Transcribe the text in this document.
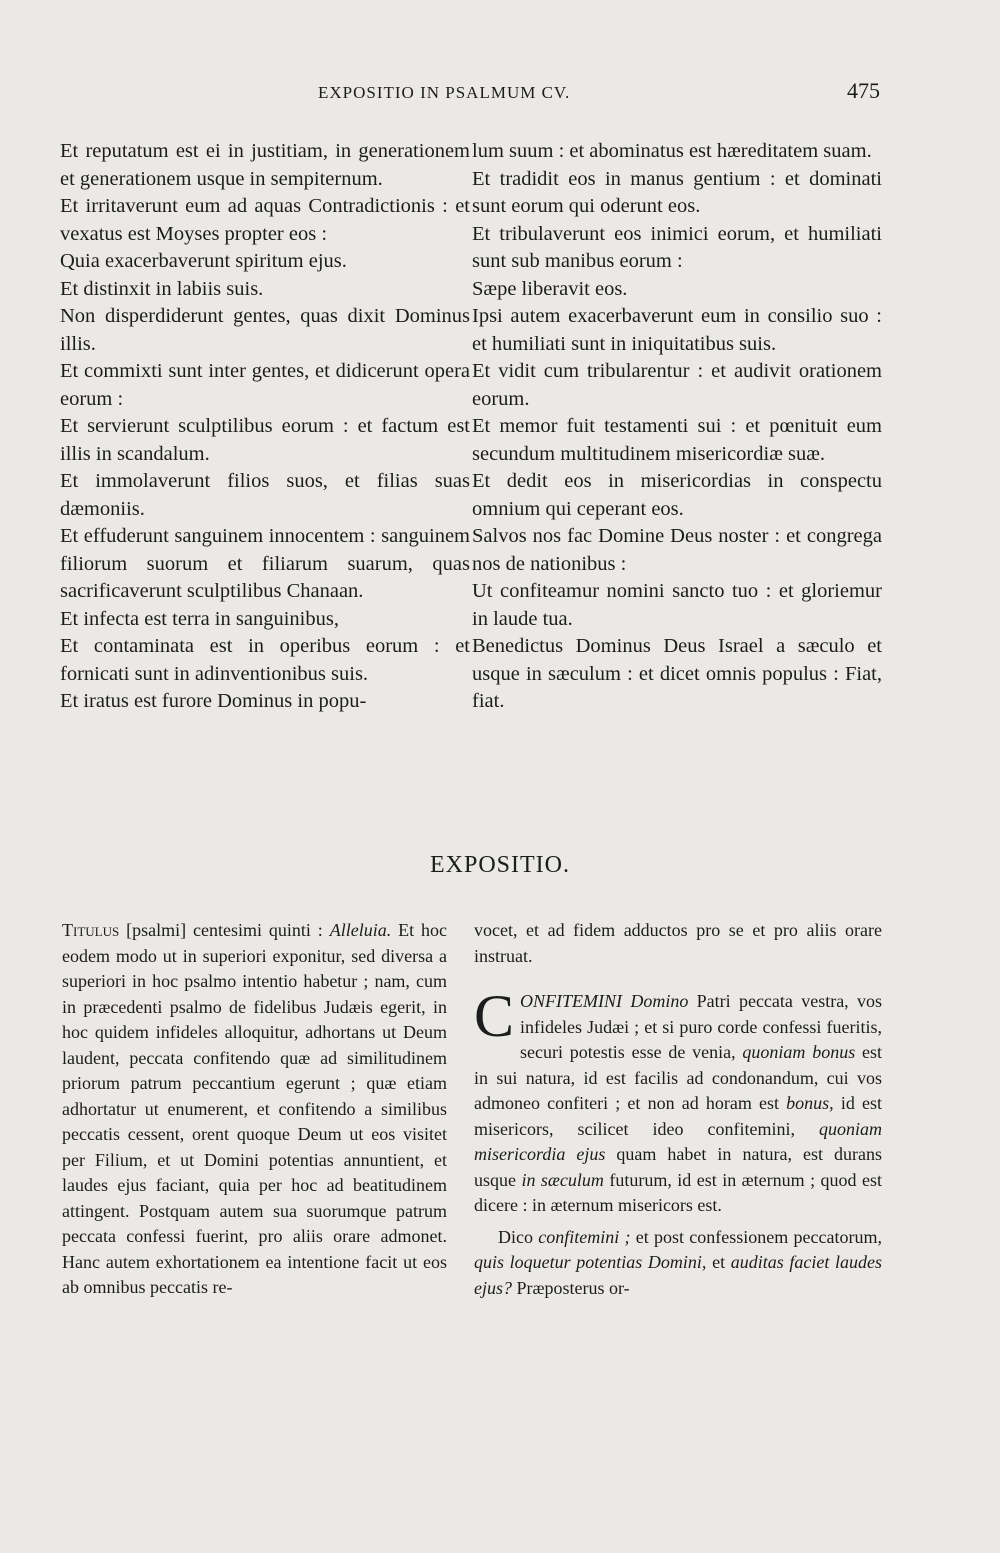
EXPOSITIO IN PSALMUM CV.	475

Et reputatum est ei in justitiam, in generationem et generationem usque in sempiternum.

Et irritaverunt eum ad aquas Contradictionis : et vexatus est Moyses propter eos :

Quia exacerbaverunt spiritum ejus.

Et distinxit in labiis suis.

Non disperdiderunt gentes, quas dixit Dominus illis.

Et commixti sunt inter gentes, et didicerunt opera eorum :

Et servierunt sculptilibus eorum : et factum est illis in scandalum.

Et immolaverunt filios suos, et filias suas dæmoniis.

Et effuderunt sanguinem innocentem : sanguinem filiorum suorum et filiarum suarum, quas sacrificaverunt sculptilibus Chanaan.

Et infecta est terra in sanguinibus,

Et contaminata est in operibus eorum : et fornicati sunt in adinventionibus suis.

Et iratus est furore Dominus in popu-

lum suum : et abominatus est hæreditatem suam.

Et tradidit eos in manus gentium : et dominati sunt eorum qui oderunt eos.

Et tribulaverunt eos inimici eorum, et humiliati sunt sub manibus eorum :

Sæpe liberavit eos.

Ipsi autem exacerbaverunt eum in consilio suo : et humiliati sunt in iniquitatibus suis.

Et vidit cum tribularentur : et audivit orationem eorum.

Et memor fuit testamenti sui : et pœnituit eum secundum multitudinem misericordiæ suæ.

Et dedit eos in misericordias in conspectu omnium qui ceperant eos.

Salvos nos fac Domine Deus noster : et congrega nos de nationibus :

Ut confiteamur nomini sancto tuo : et gloriemur in laude tua.

Benedictus Dominus Deus Israel a sæculo et usque in sæculum : et dicet omnis populus : Fiat, fiat.

EXPOSITIO.

Titulus [psalmi] centesimi quinti : Alleluia. Et hoc eodem modo ut in superiori exponitur, sed diversa a superiori in hoc psalmo intentio habetur ; nam, cum in præcedenti psalmo de fidelibus Judæis egerit, in hoc quidem infideles alloquitur, adhortans ut Deum laudent, peccata confitendo quæ ad similitudinem priorum patrum peccantium egerunt ; quæ etiam adhortatur ut enumerent, et confitendo a similibus peccatis cessent, orent quoque Deum ut eos visitet per Filium, et ut Domini potentias annuntient, et laudes ejus faciant, quia per hoc ad beatitudinem attingent. Postquam autem sua suorumque patrum peccata confessi fuerint, pro aliis orare admonet. Hanc autem exhortationem ea intentione facit ut eos ab omnibus peccatis re-

vocet, et ad fidem adductos pro se et pro aliis orare instruat.

CONFITEMINI Domino Patri peccata vestra, vos infideles Judæi ; et si puro corde confessi fueritis, securi potestis esse de venia, quoniam bonus est in sui natura, id est facilis ad condonandum, cui vos admoneo confiteri ; et non ad horam est bonus, id est misericors, scilicet ideo confitemini, quoniam misericordia ejus quam habet in natura, est durans usque in sæculum futurum, id est in æternum ; quod est dicere : in æternum misericors est.

Dico confitemini ; et post confessionem peccatorum, quis loquetur potentias Domini, et auditas faciet laudes ejus? Præposterus or-
